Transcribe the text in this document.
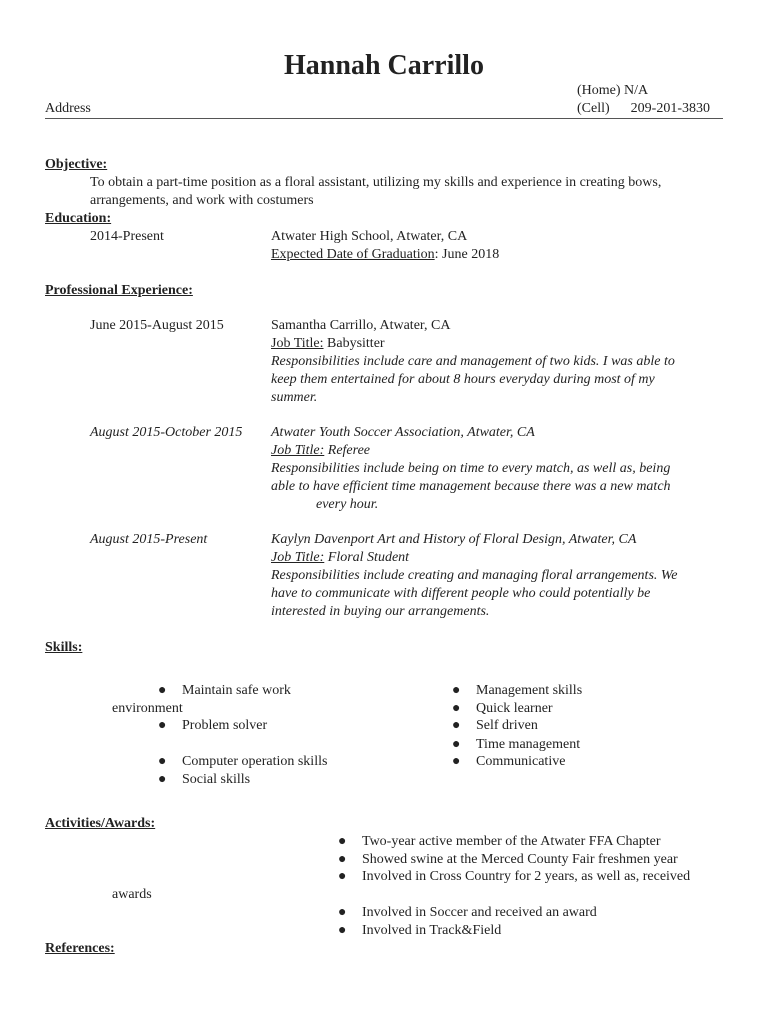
Hannah Carrillo
(Home) N/A
(Cell) 209-201-3830
Address
Objective:
To obtain a part-time position as a floral assistant, utilizing my skills and experience in creating bows,
arrangements, and work with costumers
Education:
2014-Present	Atwater High School, Atwater, CA
Expected Date of Graduation: June 2018
Professional Experience:
June 2015-August 2015	Samantha Carrillo, Atwater, CA
Job Title: Babysitter
Responsibilities include care and management of two kids. I was able to
keep them entertained for about 8 hours everyday during most of my
summer.
August 2015-October 2015 Atwater Youth Soccer Association, Atwater, CA
Job Title: Referee
Responsibilities include being on time to every match, as well as, being
able to have efficient time management because there was a new match
every hour.
August 2015-Present	Kaylyn Davenport Art and History of Floral Design, Atwater, CA
Job Title: Floral Student
Responsibilities include creating and managing floral arrangements. We
have to communicate with different people who could potentially be
interested in buying our arrangements.
Skills:
● Maintain safe work
environment
● Problem solver
● Computer operation skills
● Social skills
● Management skills
● Quick learner
● Self driven
● Time management
● Communicative
Activities/Awards:
● Two-year active member of the Atwater FFA Chapter
● Showed swine at the Merced County Fair freshmen year
● Involved in Cross Country for 2 years, as well as, received
awards
● Involved in Soccer and received an award
● Involved in Track&Field
References:
